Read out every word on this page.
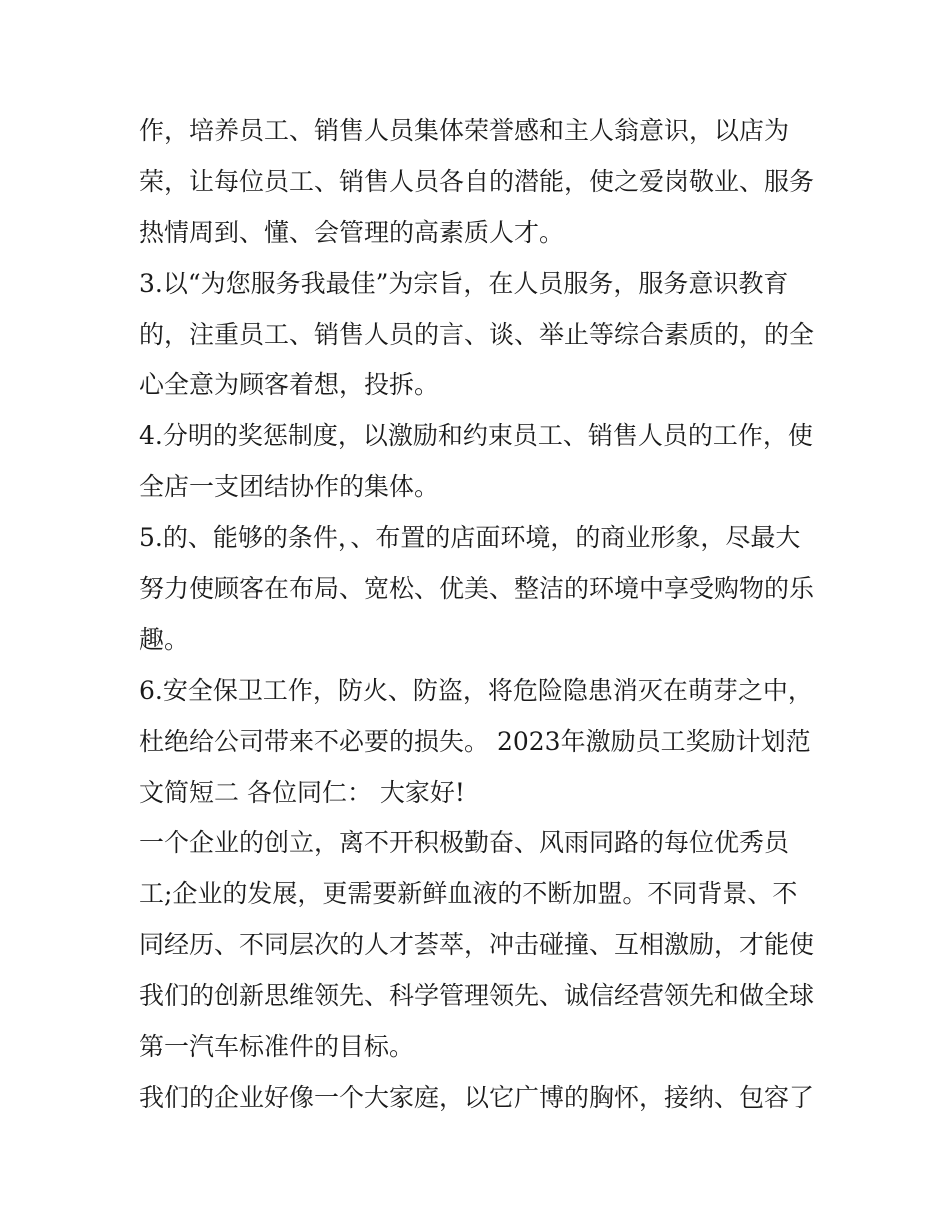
作，培养员工、销售人员集体荣誉感和主人翁意识，以店为
荣，让每位员工、销售人员各自的潜能，使之爱岗敬业、服务
热情周到、懂、会管理的高素质人才。
3.以“为您服务我最佳”为宗旨，在人员服务，服务意识教育
的，注重员工、销售人员的言、谈、举止等综合素质的，的全
心全意为顾客着想，投拆。
4.分明的奖惩制度，以激励和约束员工、销售人员的工作，使
全店一支团结协作的集体。
5.的、能够的条件，、布置的店面环境，的商业形象，尽最大
努力使顾客在布局、宽松、优美、整洁的环境中享受购物的乐
趣。
6.安全保卫工作，防火、防盗，将危险隐患消灭在萌芽之中，
杜绝给公司带来不必要的损失。 2023年激励员工奖励计划范
文简短二 各位同仁： 大家好!
一个企业的创立，离不开积极勤奋、风雨同路的每位优秀员
工;企业的发展，更需要新鲜血液的不断加盟。不同背景、不
同经历、不同层次的人才荟萃，冲击碰撞、互相激励，才能使
我们的创新思维领先、科学管理领先、诚信经营领先和做全球
第一汽车标准件的目标。
我们的企业好像一个大家庭，以它广博的胸怀，接纳、包容了
